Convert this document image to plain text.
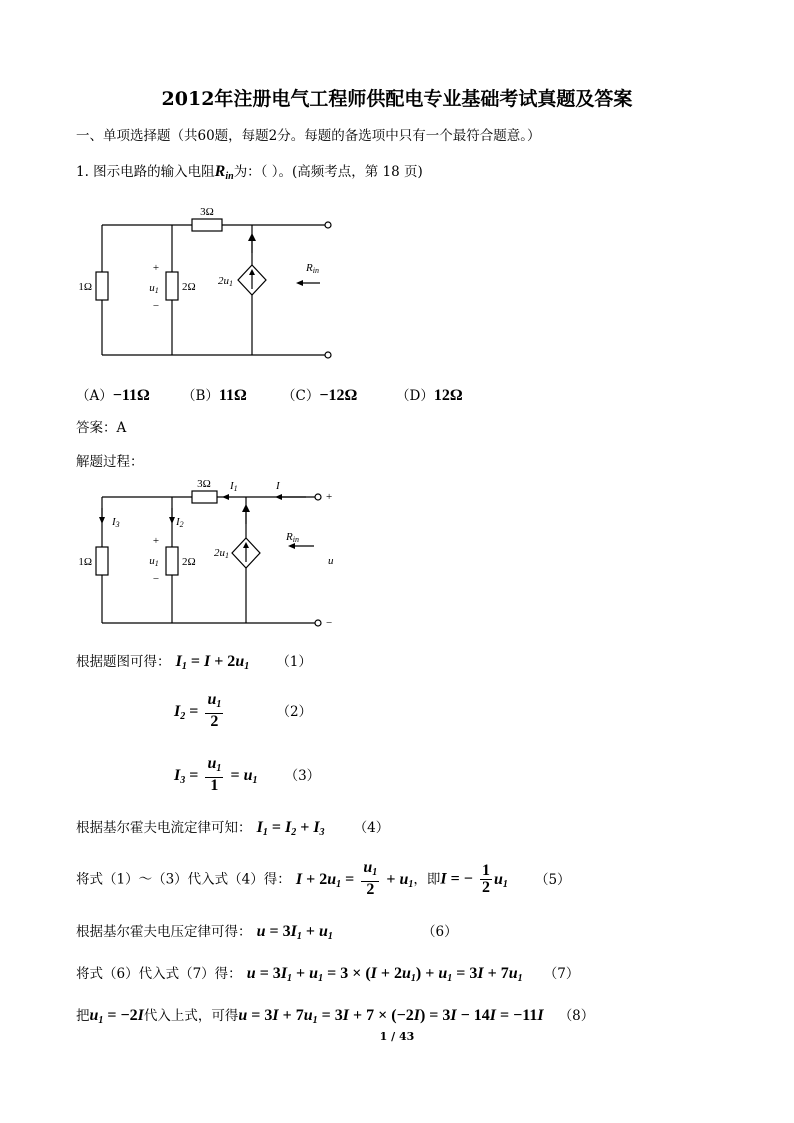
2012年注册电气工程师供配电专业基础考试真题及答案
一、单项选择题（共60题，每题2分。每题的备选项中只有一个最符合题意。）
1. 图示电路的输入电阻$R_{in}$为：（ ）。(高频考点，第 18 页)
3Ω
1Ω	2Ω
+
−
u1
2u1
Rin
（A）−11Ω （B）11Ω	（C）−12Ω	（D）12Ω
答案：A
解题过程：
3Ω
1Ω	2Ω
+
−
u1
2u1
I1	I
I3	I2
Rin
u
+
−
根据题图可得： $I_1 = I + 2u_1$ （1）
$I_2 = \frac{u_1}{2}$	（2）
$I_3 = \frac{u_1}{1} = u_1$ （3）
根据基尔霍夫电流定律可知： $I_1 = I_2 + I_3$ （4）
将式（1）～（3）代入式（4）得： $I + 2u_1 = \frac{u_1}{2} + u_1$，即I = − $\frac{1}{2} u_1$ （5）
根据基尔霍夫电压定律可得： $u = 3I_1 + u_1$	（6）
将式（6）代入式（7）得： $u = 3I_1 + u_1 = 3 \times (I + 2u_1) + u_1 = 3I + 7u_1$ （7）
把$u_1 = -2I$代入上式，可得$u = 3I + 7u_1 = 3I + 7 \times (-2I) = 3I - 14I = -11I$ （8）
1 / 43
